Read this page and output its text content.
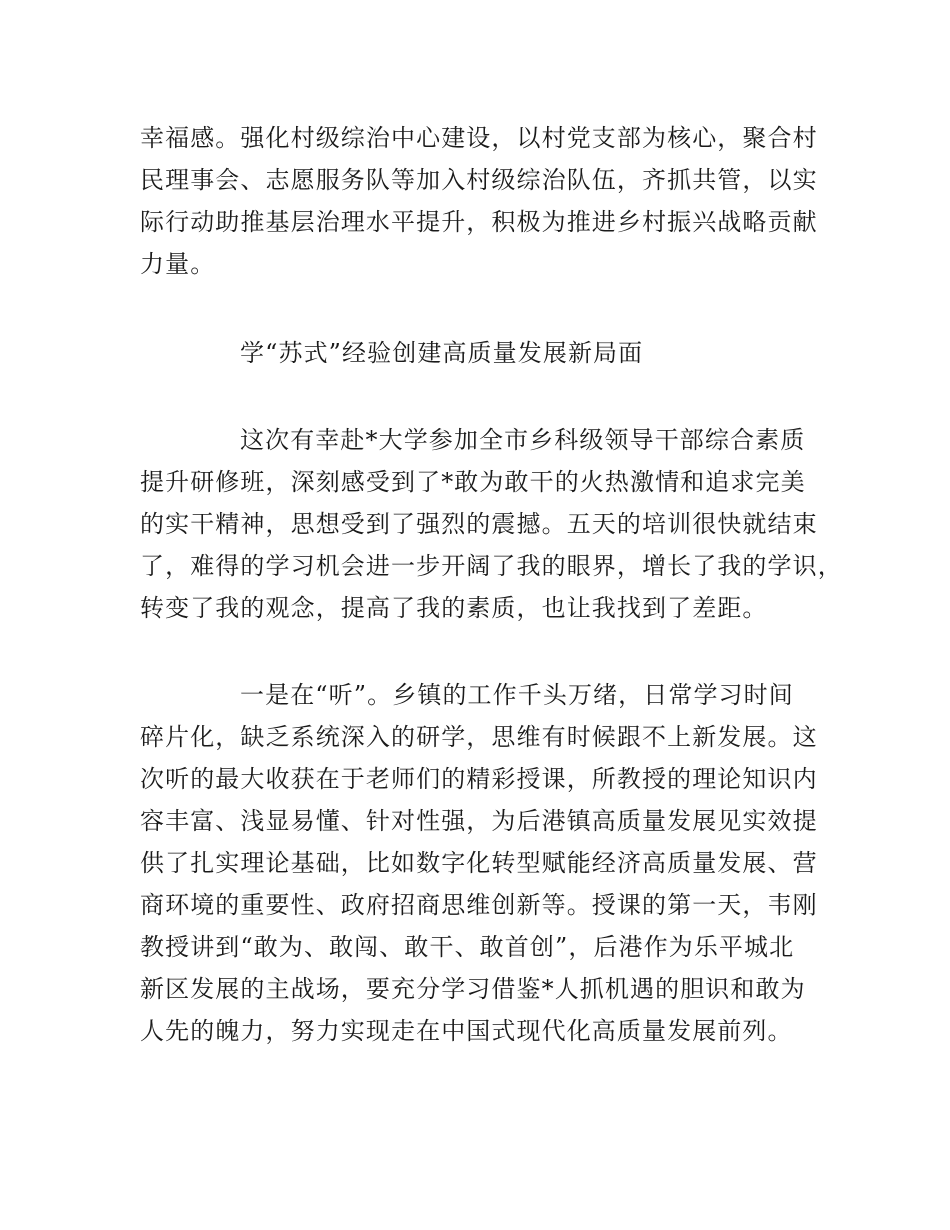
幸福感。强化村级综治中心建设，以村党支部为核心，聚合村
民理事会、志愿服务队等加入村级综治队伍，齐抓共管，以实
际行动助推基层治理水平提升，积极为推进乡村振兴战略贡献
力量。
学“苏式”经验创建高质量发展新局面
这次有幸赴*大学参加全市乡科级领导干部综合素质
提升研修班，深刻感受到了*敢为敢干的火热激情和追求完美
的实干精神，思想受到了强烈的震撼。五天的培训很快就结束
了，难得的学习机会进一步开阔了我的眼界，增长了我的学识，
转变了我的观念，提高了我的素质，也让我找到了差距。
一是在“听”。乡镇的工作千头万绪，日常学习时间
碎片化，缺乏系统深入的研学，思维有时候跟不上新发展。这
次听的最大收获在于老师们的精彩授课，所教授的理论知识内
容丰富、浅显易懂、针对性强，为后港镇高质量发展见实效提
供了扎实理论基础，比如数字化转型赋能经济高质量发展、营
商环境的重要性、政府招商思维创新等。授课的第一天，韦刚
教授讲到“敢为、敢闯、敢干、敢首创”，后港作为乐平城北
新区发展的主战场，要充分学习借鉴*人抓机遇的胆识和敢为
人先的魄力，努力实现走在中国式现代化高质量发展前列。
